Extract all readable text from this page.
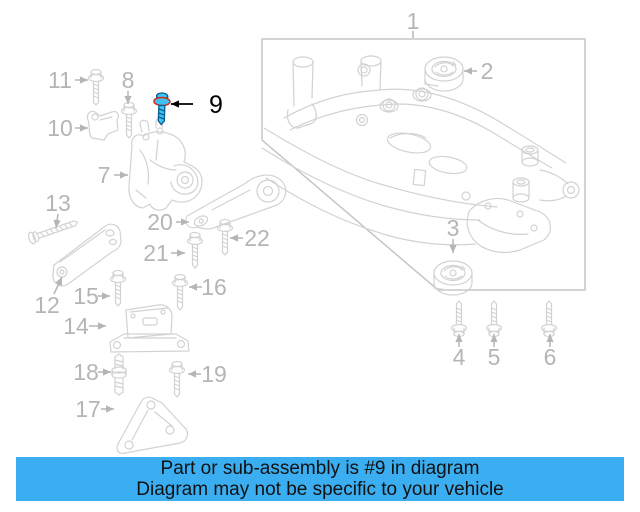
1
2
3
4 5 6
7
8
9
10
11
12
13
14
15	16
17
18	19
20
21
22
Part or sub-assembly is #9 in diagram
Diagram may not be specific to your vehicle
